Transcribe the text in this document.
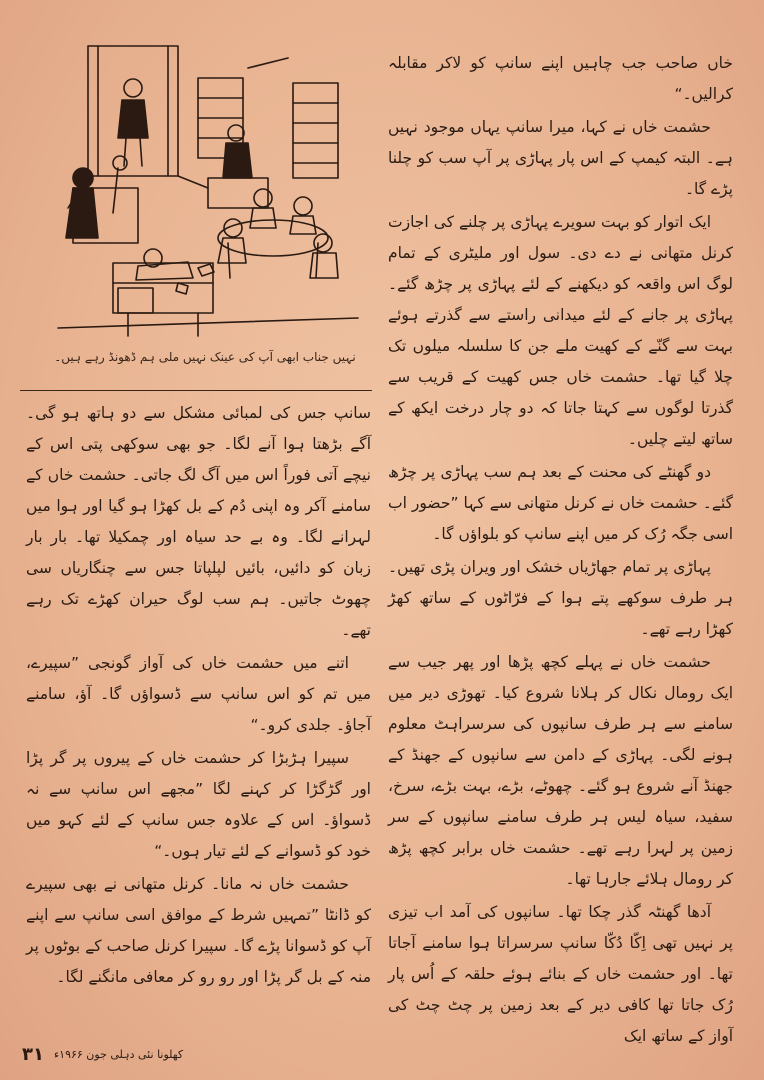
نہیں جناب ابھی آپ کی عینک نہیں ملی ہم ڈھونڈ رہے ہیں۔

خاں صاحب جب چاہیں اپنے سانپ کو لاکر مقابلہ کرالیں۔“

حشمت خاں نے کہا، میرا سانپ یہاں موجود نہیں ہے۔ البتہ کیمپ کے اس پار پہاڑی پر آپ سب کو چلنا پڑے گا۔

ایک اتوار کو بہت سویرے پہاڑی پر چلنے کی اجازت کرنل متھانی نے دے دی۔ سول اور ملیٹری کے تمام لوگ اس واقعہ کو دیکھنے کے لئے پہاڑی پر چڑھ گئے۔ پہاڑی پر جانے کے لئے میدانی راستے سے گذرتے ہوئے بہت سے گنّے کے کھیت ملے جن کا سلسلہ میلوں تک چلا گیا تھا۔ حشمت خاں جس کھیت کے قریب سے گذرتا لوگوں سے کہتا جاتا کہ دو چار درخت ایکھ کے ساتھ لیتے چلیں۔

دو گھنٹے کی محنت کے بعد ہم سب پہاڑی پر چڑھ گئے۔ حشمت خاں نے کرنل متھانی سے کہا ”حضور اب اسی جگہ رُک کر میں اپنے سانپ کو بلواؤں گا۔

پہاڑی پر تمام جھاڑیاں خشک اور ویران پڑی تھیں۔ ہر طرف سوکھے پتے ہوا کے فرّاٹوں کے ساتھ کھڑ کھڑا رہے تھے۔

حشمت خاں نے پہلے کچھ پڑھا اور پھر جیب سے ایک رومال نکال کر ہلانا شروع کیا۔ تھوڑی دیر میں سامنے سے ہر طرف سانپوں کی سرسراہٹ معلوم ہونے لگی۔ پہاڑی کے دامن سے سانپوں کے جھنڈ کے جھنڈ آنے شروع ہو گئے۔ چھوٹے، بڑے، بہت بڑے، سرخ، سفید، سیاہ لیس ہر طرف سامنے سانپوں کے سر زمین پر لہرا رہے تھے۔ حشمت خاں برابر کچھ پڑھ کر رومال ہلائے جارہا تھا۔

آدھا گھنٹہ گذر چکا تھا۔ سانپوں کی آمد اب تیزی پر نہیں تھی اِکّا دُکّا سانپ سرسراتا ہوا سامنے آجاتا تھا۔ اور حشمت خاں کے بنائے ہوئے حلقہ کے اُس پار رُک جاتا تھا کافی دیر کے بعد زمین پر چٹ چٹ کی آواز کے ساتھ ایک

سانپ جس کی لمبائی مشکل سے دو ہاتھ ہو گی۔ آگے بڑھتا ہوا آنے لگا۔ جو بھی سوکھی پتی اس کے نیچے آتی فوراً اس میں آگ لگ جاتی۔ حشمت خاں کے سامنے آکر وہ اپنی دُم کے بل کھڑا ہو گیا اور ہوا میں لہرانے لگا۔ وہ بے حد سیاہ اور چمکیلا تھا۔ بار بار زبان کو دائیں، بائیں لپلپاتا جس سے چنگاریاں سی چھوٹ جاتیں۔ ہم سب لوگ حیران کھڑے تک رہے تھے۔

اتنے میں حشمت خاں کی آواز گونجی ”سپیرے، میں تم کو اس سانپ سے ڈسواؤں گا۔ آؤ، سامنے آجاؤ۔ جلدی کرو۔“

سپیرا ہڑبڑا کر حشمت خاں کے پیروں پر گر پڑا اور گڑگڑا کر کہنے لگا ”مجھے اس سانپ سے نہ ڈسواؤ۔ اس کے علاوہ جس سانپ کے لئے کہو میں خود کو ڈسوانے کے لئے تیار ہوں۔“

حشمت خاں نہ مانا۔ کرنل متھانی نے بھی سپیرے کو ڈانٹا ”تمہیں شرط کے موافق اسی سانپ سے اپنے آپ کو ڈسوانا پڑے گا۔ سپیرا کرنل صاحب کے بوٹوں پر منہ کے بل گر پڑا اور رو رو کر معافی مانگنے لگا۔

کھلونا نئی دہلی جون ۱۹۶۶ء
۳۱
